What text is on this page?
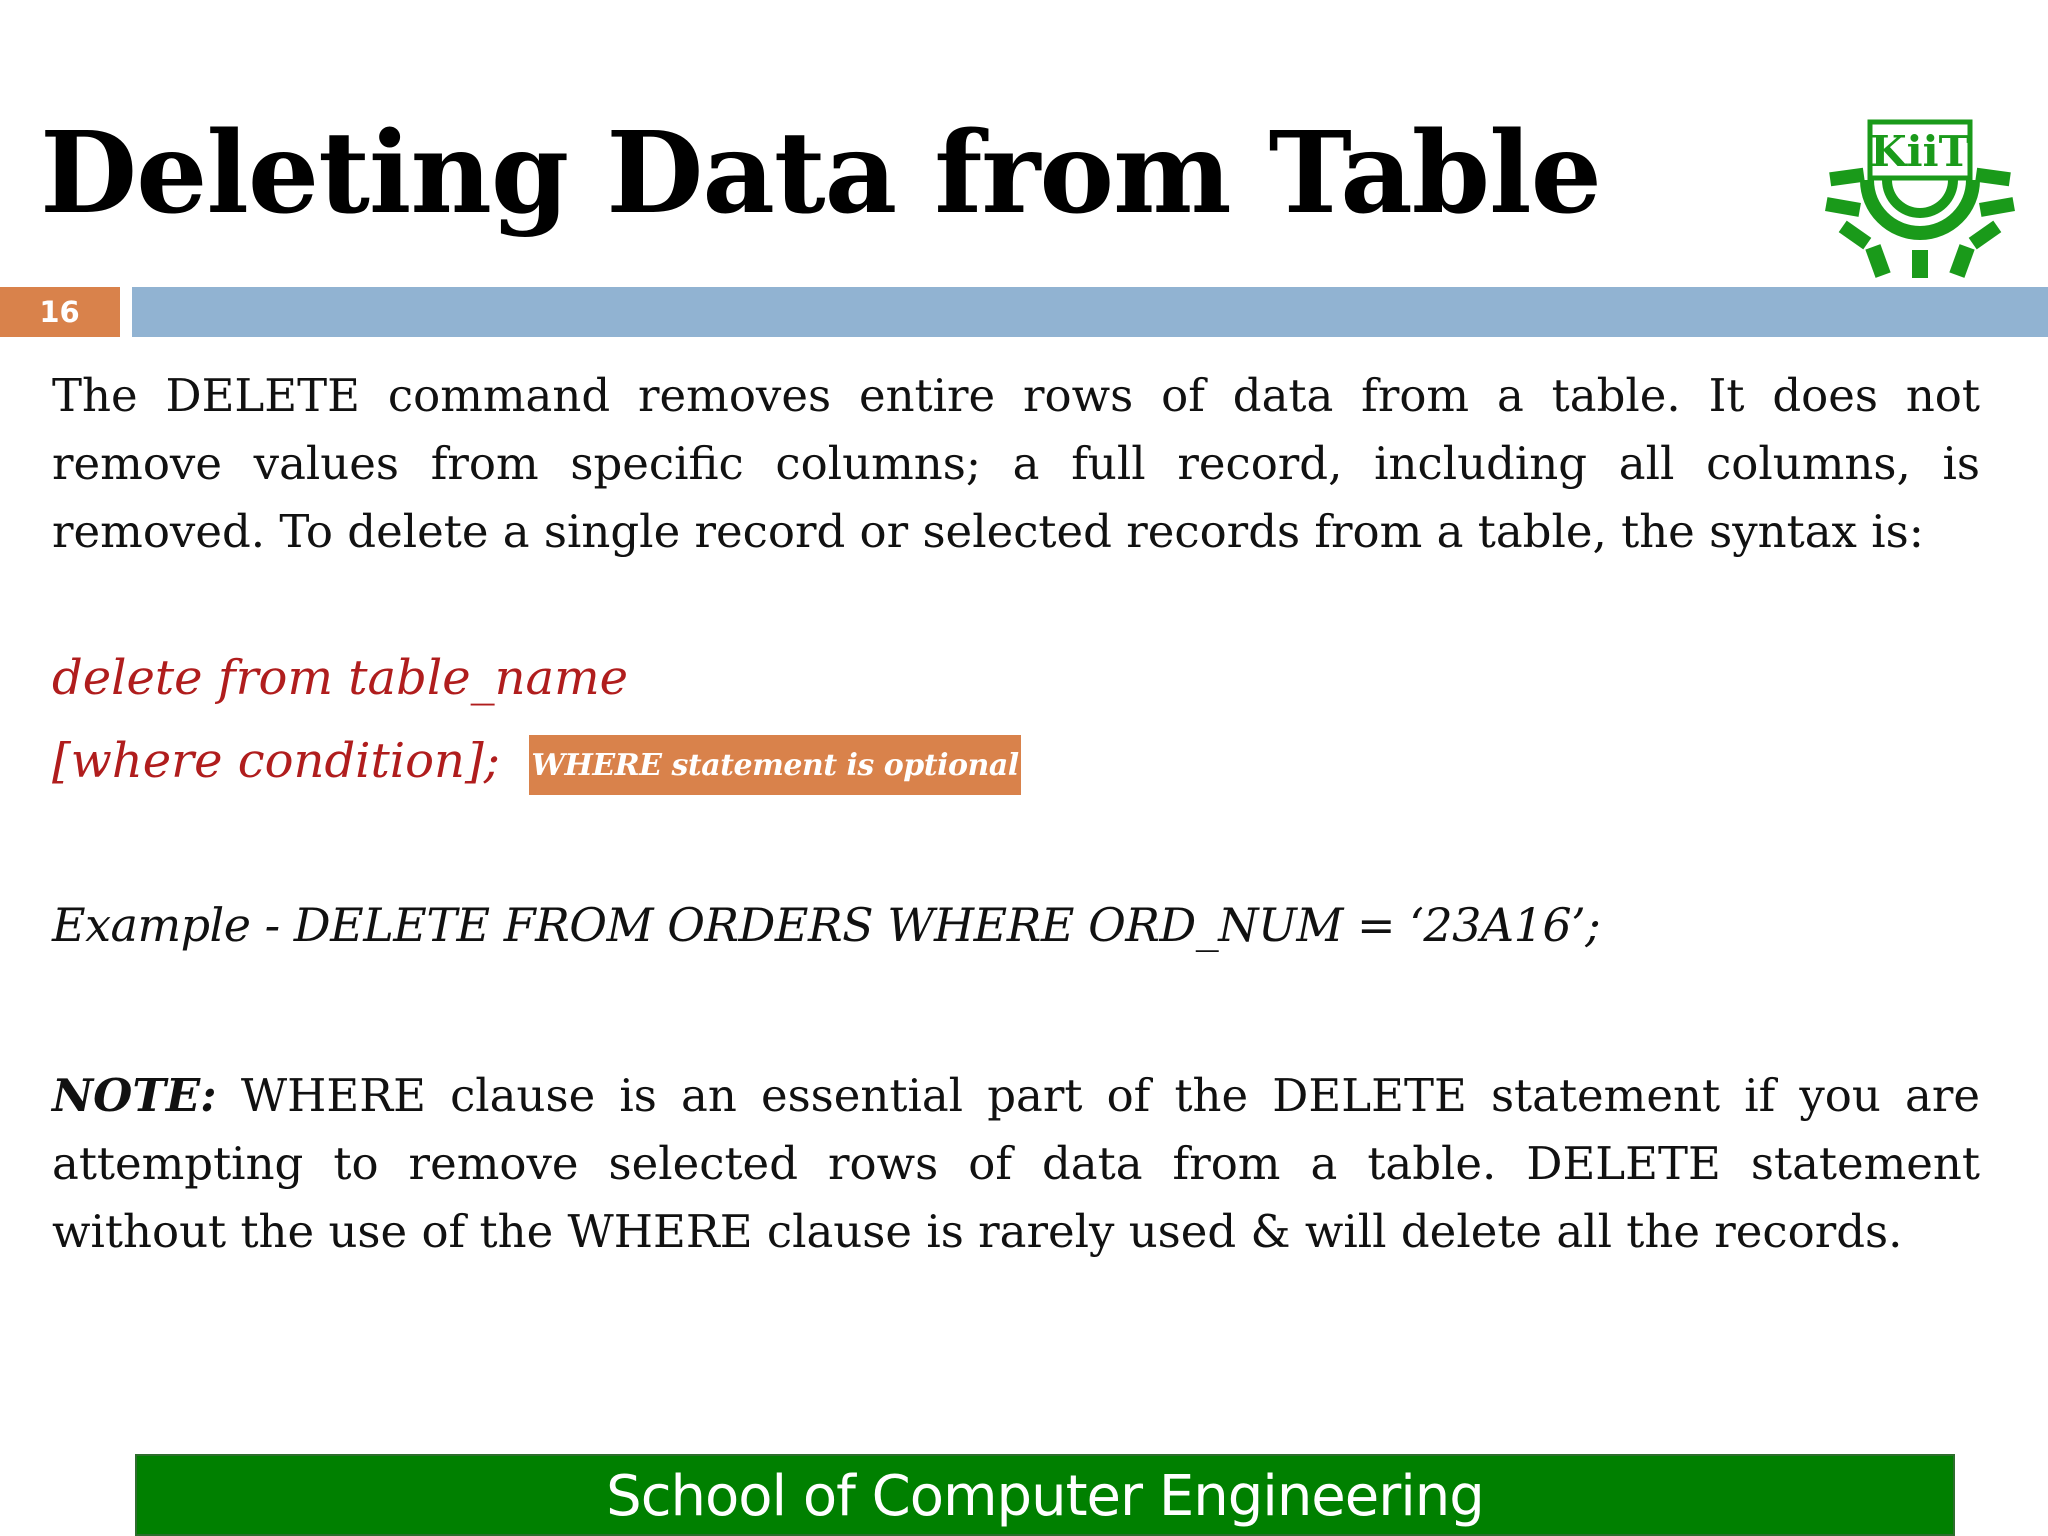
Deleting Data from Table	KiiT
16
The DELETE command removes entire rows of data from a table. It does not remove values from specific columns; a full record, including all columns, is removed. To delete a single record or selected records from a table, the syntax is:
delete from table_name
[where condition]; WHERE statement is optional
Example - DELETE FROM ORDERS WHERE ORD_NUM = ‘23A16’;
NOTE: WHERE clause is an essential part of the DELETE statement if you are attempting to remove selected rows of data from a table. DELETE statement without the use of the WHERE clause is rarely used & will delete all the records.
School of Computer Engineering
